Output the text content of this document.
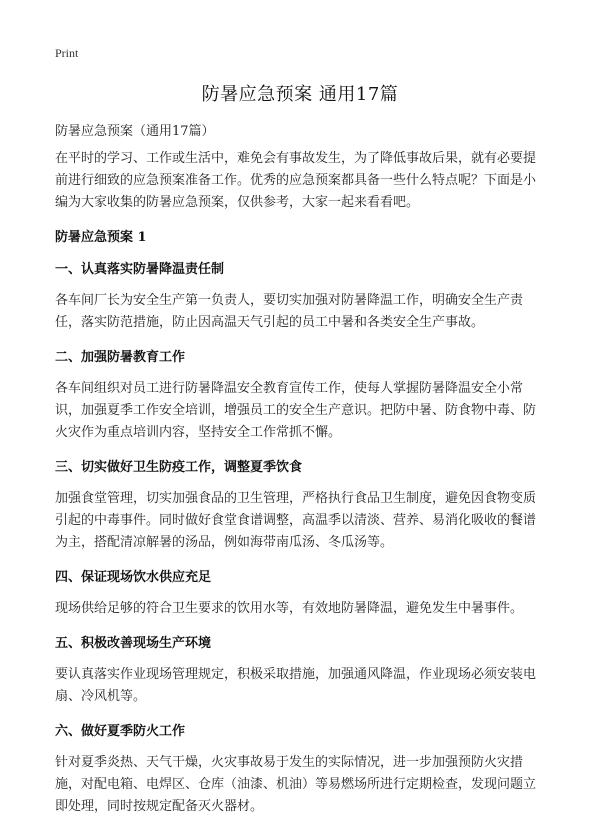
Print
防暑应急预案 通用17篇
防暑应急预案（通用17篇）

在平时的学习、工作或生活中，难免会有事故发生，为了降低事故后果，就有必要提前进行细致的应急预案准备工作。优秀的应急预案都具备一些什么特点呢？下面是小编为大家收集的防暑应急预案，仅供参考，大家一起来看看吧。

防暑应急预案 1
一、认真落实防暑降温责任制

各车间厂长为安全生产第一负责人，要切实加强对防暑降温工作，明确安全生产责任，落实防范措施，防止因高温天气引起的员工中暑和各类安全生产事故。

二、加强防暑教育工作

各车间组织对员工进行防暑降温安全教育宣传工作，使每人掌握防暑降温安全小常识，加强夏季工作安全培训，增强员工的安全生产意识。把防中暑、防食物中毒、防火灾作为重点培训内容，坚持安全工作常抓不懈。

三、切实做好卫生防疫工作，调整夏季饮食

加强食堂管理，切实加强食品的卫生管理，严格执行食品卫生制度，避免因食物变质引起的中毒事件。同时做好食堂食谱调整，高温季以清淡、营养、易消化吸收的餐谱为主，搭配清凉解暑的汤品，例如海带南瓜汤、冬瓜汤等。

四、保证现场饮水供应充足

现场供给足够的符合卫生要求的饮用水等，有效地防暑降温，避免发生中暑事件。

五、积极改善现场生产环境

要认真落实作业现场管理规定，积极采取措施，加强通风降温，作业现场必须安装电扇、冷风机等。

六、做好夏季防火工作

针对夏季炎热、天气干燥，火灾事故易于发生的实际情况，进一步加强预防火灾措施，对配电箱、电焊区、仓库（油漆、机油）等易燃场所进行定期检查，发现问题立即处理，同时按规定配备灭火器材。
